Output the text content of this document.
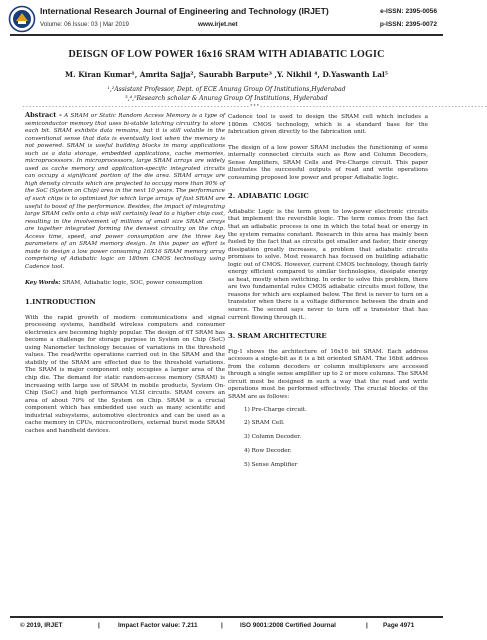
International Research Journal of Engineering and Technology (IRJET)
Volume: 06 Issue: 03 | Mar 2019	www.irjet.net
e-ISSN: 2395-0056
p-ISSN: 2395-0072
DEISGN OF LOW POWER 16x16 SRAM WITH ADIABATIC LOGIC
M. Kiran Kumar¹, Amrita Sajja², Saurabh Barpute³ ,Y. Nikhil ⁴, D.Yaswanth Lal⁵
¹,²Assistant Professor, Dept. of ECE Anurag Group Of Institutions,Hyderabad
³,⁴,⁵Research scholar & Anurag Group Of Institutions, Hyderabad
---------------------------------------------------------------------***---------------------------------------------------------------------

Abstract - A SRAM or Static Random Access Memory is a type of semiconductor memory that uses bi-stable latching circuitry to store each bit. SRAM exhibits data remains, but it is still volatile in the conventional sense that data is eventually lost when the memory is not powered. SRAM is useful building blocks in many applications such as a data storage, embedded applications, cache memories, microprocessors. In microprocessors, large SRAM arrays are widely used as cache memory and application-specific integrated circuits can occupy a significant portion of the die area. SRAM arrays are high density circuits which are projected to occupy more than 90% of the SoC (System on Chip) area in the next 10 years. The performance of such chips is to optimized for which large arrays of fast SRAM are useful to boost of the performance. Besides, the impact of integrating large SRAM cells onto a chip will certainly lead to a higher chip cost, resulting in the involvement of millions of small size SRAM arrays are together integrated forming the densest circuitry on the chip. Access time, speed, and power consumption are the three key parameters of an SRAM memory design. In this paper an effort is made to design a low power consuming 16X16 SRAM memory array comprising of Adiabatic logic on 180nm CMOS technology using Cadence tool.

Key Words: SRAM, Adiabatic logic, SOC, power consumption

1.INTRODUCTION

With the rapid growth of modern communications and signal processing systems, handheld wireless computers and consumer electronics are becoming highly popular. The design of 6T SRAM has become a challenge for storage purpose in System on Chip (SoC) using Nanometer technology because of variations in the threshold values. The read/write operations carried out in the SRAM and the stability of the SRAM are effected due to the threshold variations. The SRAM is major component only occupies a larger area of the chip die. The demand for static random-access memory (SRAM) is increasing with large use of SRAM in mobile products, System On-Chip (SoC) and high performance VLSI circuits. SRAM covers an area of about 70% of the System on Chip. SRAM is a crucial component which has embedded use such as many scientific and industrial subsystems, automotive electronics and can be used as a cache memory in CPUs, microcontrollers, external burst mode SRAM caches and handheld devices.

Cadence tool is used to design the SRAM cell which includes a 180nm CMOS technology, which is a standard base for the fabrication given directly to the fabrication unit.

The design of a low power SRAM includes the functioning of some internally connected circuits such as Row and Column Decoders, Sense Amplifiers, SRAM Cells and Pre-Charge circuit. This paper illustrates the successful outputs of read and write operations consuming proposed low power and proper Adiabatic logic.

2. ADIABATIC LOGIC

Adiabatic Logic is the term given to low-power electronic circuits that implement the reversible logic. The term comes from the fact that an adiabatic process is one in which the total heat or energy in the system remains constant. Research in this area has mainly been fueled by the fact that as circuits get smaller and faster, their energy dissipation greatly increases, a problem that adiabatic circuits promises to solve. Most research has focused on building adiabatic logic out of CMOS. However, current CMOS technology, though fairly energy efficient compared to similar technologies, dissipate energy as heat, mostly when switching. In order to solve this problem, there are two fundamental rules CMOS adiabatic circuits must follow, the reasons for which are explained below. The first is never to turn on a transistor when there is a voltage difference between the drain and source. The second says never to turn off a transistor that has current flowing through it..

3. SRAM ARCHITECTURE

Fig-1 shows the architecture of 16x16 bit SRAM. Each address accesses a single-bit as it is a bit oriented SRAM. The 16bit address from the column decoders or column multiplexers are accessed through a single sense amplifier up to 2 or more columns. The SRAM circuit must be designed in such a way that the read and write operations must be performed effectively. The crucial blocks of the SRAM are as follows:

1) Pre-Charge circuit.
2) SRAM Cell.
3) Column Decoder.
4) Row Decoder.
5) Sense Amplifier
© 2019, IRJET	|	Impact Factor value: 7.211	|	ISO 9001:2008 Certified Journal	| Page 4971
